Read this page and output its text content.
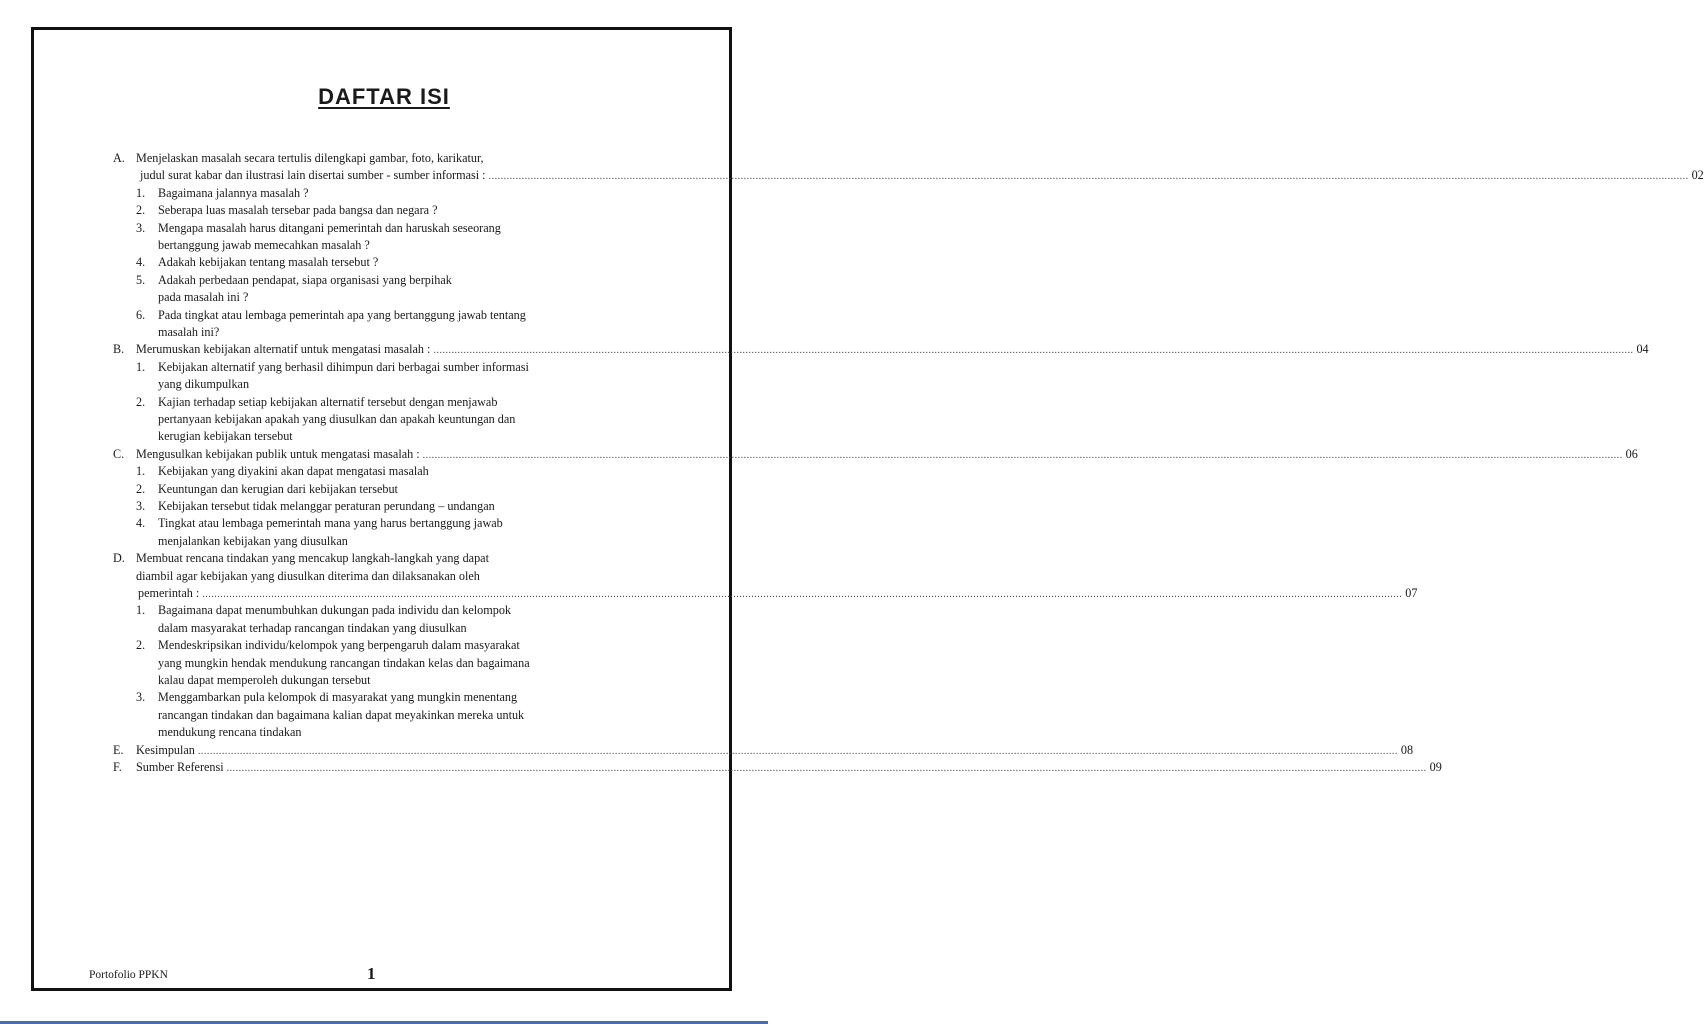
DAFTAR ISI
A. Menjelaskan masalah secara tertulis dilengkapi gambar, foto, karikatur,
judul surat kabar dan ilustrasi lain disertai sumber - sumber informasi : ................................................................................................................................................................................................................................................................................................................................................................................................................ 02
1. Bagaimana jalannya masalah ?
2. Seberapa luas masalah tersebar pada bangsa dan negara ?
3. Mengapa masalah harus ditangani pemerintah dan haruskah seseorang
bertanggung jawab memecahkan masalah ?
4. Adakah kebijakan tentang masalah tersebut ?
5. Adakah perbedaan pendapat, siapa organisasi yang berpihak
pada masalah ini ?
6. Pada tingkat atau lembaga pemerintah apa yang bertanggung jawab tentang
masalah ini?
B. Merumuskan kebijakan alternatif untuk mengatasi masalah : ................................................................................................................................................................................................................................................................................................................................................................................................................ 04
1. Kebijakan alternatif yang berhasil dihimpun dari berbagai sumber informasi
yang dikumpulkan
2. Kajian terhadap setiap kebijakan alternatif tersebut dengan menjawab
pertanyaan kebijakan apakah yang diusulkan dan apakah keuntungan dan
kerugian kebijakan tersebut
C. Mengusulkan kebijakan publik untuk mengatasi masalah : ................................................................................................................................................................................................................................................................................................................................................................................................................ 06
1. Kebijakan yang diyakini akan dapat mengatasi masalah
2. Keuntungan dan kerugian dari kebijakan tersebut
3. Kebijakan tersebut tidak melanggar peraturan perundang – undangan
4. Tingkat atau lembaga pemerintah mana yang harus bertanggung jawab
menjalankan kebijakan yang diusulkan
D. Membuat rencana tindakan yang mencakup langkah-langkah yang dapat
diambil agar kebijakan yang diusulkan diterima dan dilaksanakan oleh
pemerintah : ................................................................................................................................................................................................................................................................................................................................................................................................................ 07
1. Bagaimana dapat menumbuhkan dukungan pada individu dan kelompok
dalam masyarakat terhadap rancangan tindakan yang diusulkan
2. Mendeskripsikan individu/kelompok yang berpengaruh dalam masyarakat
yang mungkin hendak mendukung rancangan tindakan kelas dan bagaimana
kalau dapat memperoleh dukungan tersebut
3. Menggambarkan pula kelompok di masyarakat yang mungkin menentang
rancangan tindakan dan bagaimana kalian dapat meyakinkan mereka untuk
mendukung rencana tindakan
E. Kesimpulan ................................................................................................................................................................................................................................................................................................................................................................................................................ 08
F. Sumber Referensi ................................................................................................................................................................................................................................................................................................................................................................................................................ 09
Portofolio PPKN	1
